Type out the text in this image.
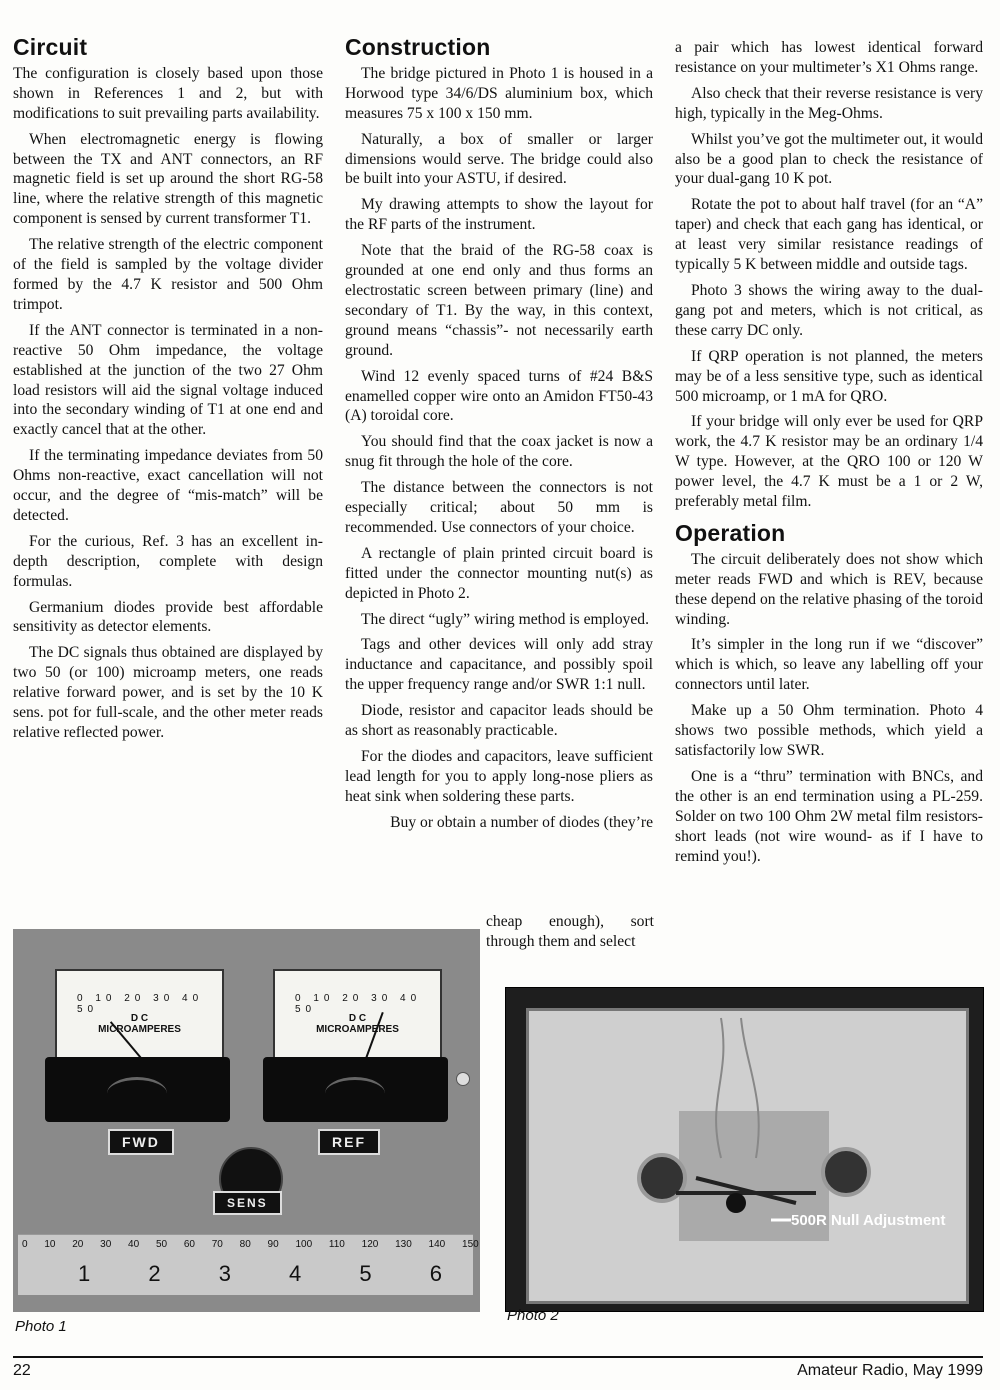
Circuit

The configuration is closely based upon those shown in References 1 and 2, but with modifications to suit prevailing parts availability.

When electromagnetic energy is flowing between the TX and ANT connectors, an RF magnetic field is set up around the short RG-58 line, where the relative strength of this magnetic component is sensed by current transformer T1.

The relative strength of the electric component of the field is sampled by the voltage divider formed by the 4.7 K resistor and 500 Ohm trimpot.

If the ANT connector is terminated in a non-reactive 50 Ohm impedance, the voltage established at the junction of the two 27 Ohm load resistors will aid the signal voltage induced into the secondary winding of T1 at one end and exactly cancel that at the other.

If the terminating impedance deviates from 50 Ohms non-reactive, exact cancellation will not occur, and the degree of “mis-match” will be detected.

For the curious, Ref. 3 has an excellent in-depth description, complete with design formulas.

Germanium diodes provide best affordable sensitivity as detector elements.

The DC signals thus obtained are displayed by two 50 (or 100) microamp meters, one reads relative forward power, and is set by the 10 K sens. pot for full-scale, and the other meter reads relative reflected power.

Construction

The bridge pictured in Photo 1 is housed in a Horwood type 34/6/DS aluminium box, which measures 75 x 100 x 150 mm.

Naturally, a box of smaller or larger dimensions would serve. The bridge could also be built into your ASTU, if desired.

My drawing attempts to show the layout for the RF parts of the instrument.

Note that the braid of the RG-58 coax is grounded at one end only and thus forms an electrostatic screen between primary (line) and secondary of T1. By the way, in this context, ground means “chassis”- not necessarily earth ground.

Wind 12 evenly spaced turns of #24 B&S enamelled copper wire onto an Amidon FT50-43 (A) toroidal core.

You should find that the coax jacket is now a snug fit through the hole of the core.

The distance between the connectors is not especially critical; about 50 mm is recommended. Use connectors of your choice.

A rectangle of plain printed circuit board is fitted under the connector mounting nut(s) as depicted in Photo 2.

The direct “ugly” wiring method is employed.

Tags and other devices will only add stray inductance and capacitance, and possibly spoil the upper frequency range and/or SWR 1:1 null.

Diode, resistor and capacitor leads should be as short as reasonably practicable.

For the diodes and capacitors, leave sufficient lead length for you to apply long-nose pliers as heat sink when soldering these parts.

Buy or obtain a number of diodes (they’re

cheap enough), sort through them and select

a pair which has lowest identical forward resistance on your multimeter’s X1 Ohms range.

Also check that their reverse resistance is very high, typically in the Meg-Ohms.

Whilst you’ve got the multimeter out, it would also be a good plan to check the resistance of your dual-gang 10 K pot.

Rotate the pot to about half travel (for an “A” taper) and check that each gang has identical, or at least very similar resistance readings of typically 5 K between middle and outside tags.

Photo 3 shows the wiring away to the dual-gang pot and meters, which is not critical, as these carry DC only.

If QRP operation is not planned, the meters may be of a less sensitive type, such as identical 500 microamp, or 1 mA for QRO.

If your bridge will only ever be used for QRP work, the 4.7 K resistor may be an ordinary 1/4 W type. However, at the QRO 100 or 120 W power level, the 4.7 K must be a 1 or 2 W, preferably metal film.

Operation

The circuit deliberately does not show which meter reads FWD and which is REV, because these depend on the relative phasing of the toroid winding.

It’s simpler in the long run if we “discover” which is which, so leave any labelling off your connectors until later.

Make up a 50 Ohm termination. Photo 4 shows two possible methods, which yield a satisfactorily low SWR.

One is a “thru” termination with BNCs, and the other is an end termination using a PL-259. Solder on two 100 Ohm 2W metal film resistors- short leads (not wire wound- as if I have to remind you!).

0 10 20 30 40 50
D C
MICROAMPERES
0 10 20 30 40 50
D C
MICROAMPERES
FWD	REF
SENS
0 10 20 30 40 50 60 70 80 90 100 110 120 130 140 150
1 2 3 4 5 6
Photo 1
500R Null Adjustment
Photo 2
22	Amateur Radio, May 1999
